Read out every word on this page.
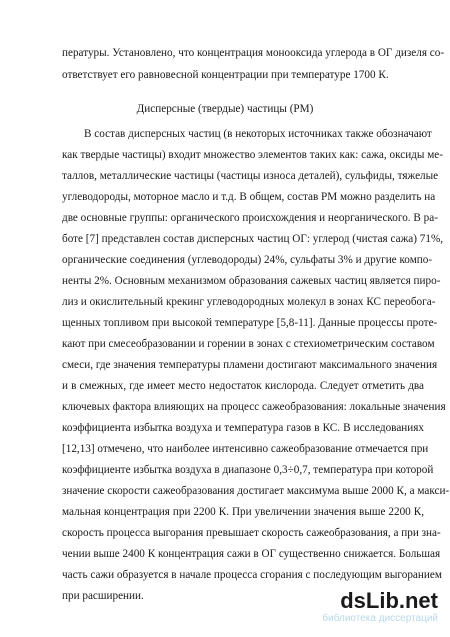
пературы. Установлено, что концентрация монооксида углерода в ОГ дизеля со-
ответствует его равновесной концентрации при температуре 1700 К.
Дисперсные (твердые) частицы (РМ)
В состав дисперсных частиц (в некоторых источниках также обозначают
как твердые частицы) входит множество элементов таких как: сажа, оксиды ме-
таллов, металлические частицы (частицы износа деталей), сульфиды, тяжелые
углеводороды, моторное масло и т.д. В общем, состав РМ можно разделить на
две основные группы: органического происхождения и неорганического. В ра-
боте [7] представлен состав дисперсных частиц ОГ: углерод (чистая сажа) 71%,
органические соединения (углеводороды) 24%, сульфаты 3% и другие компо-
ненты 2%. Основным механизмом образования сажевых частиц является пиро-
лиз и окислительный крекинг углеводородных молекул в зонах КС переобога-
щенных топливом при высокой температуре [5,8-11]. Данные процессы проте-
кают при смесеобразовании и горении в зонах с стехиометрическим составом
смеси, где значения температуры пламени достигают максимального значения
и в смежных, где имеет место недостаток кислорода. Следует отметить два
ключевых фактора влияющих на процесс сажеобразования: локальные значения
коэффициента избытка воздуха и температура газов в КС. В исследованиях
[12,13] отмечено, что наиболее интенсивно сажеобразование отмечается при
коэффициенте избытка воздуха в диапазоне 0,3÷0,7, температура при которой
значение скорости сажеобразования достигает максимума выше 2000 К, а макси-
мальная концентрация при 2200 К. При увеличении значения выше 2200 К,
скорость процесса выгорания превышает скорость сажеобразования, а при зна-
чении выше 2400 К концентрация сажи в ОГ существенно снижается. Большая
часть сажи образуется в начале процесса сгорания с последующим выгоранием
при расширении.	dsLib.net
библиотека диссертаций
